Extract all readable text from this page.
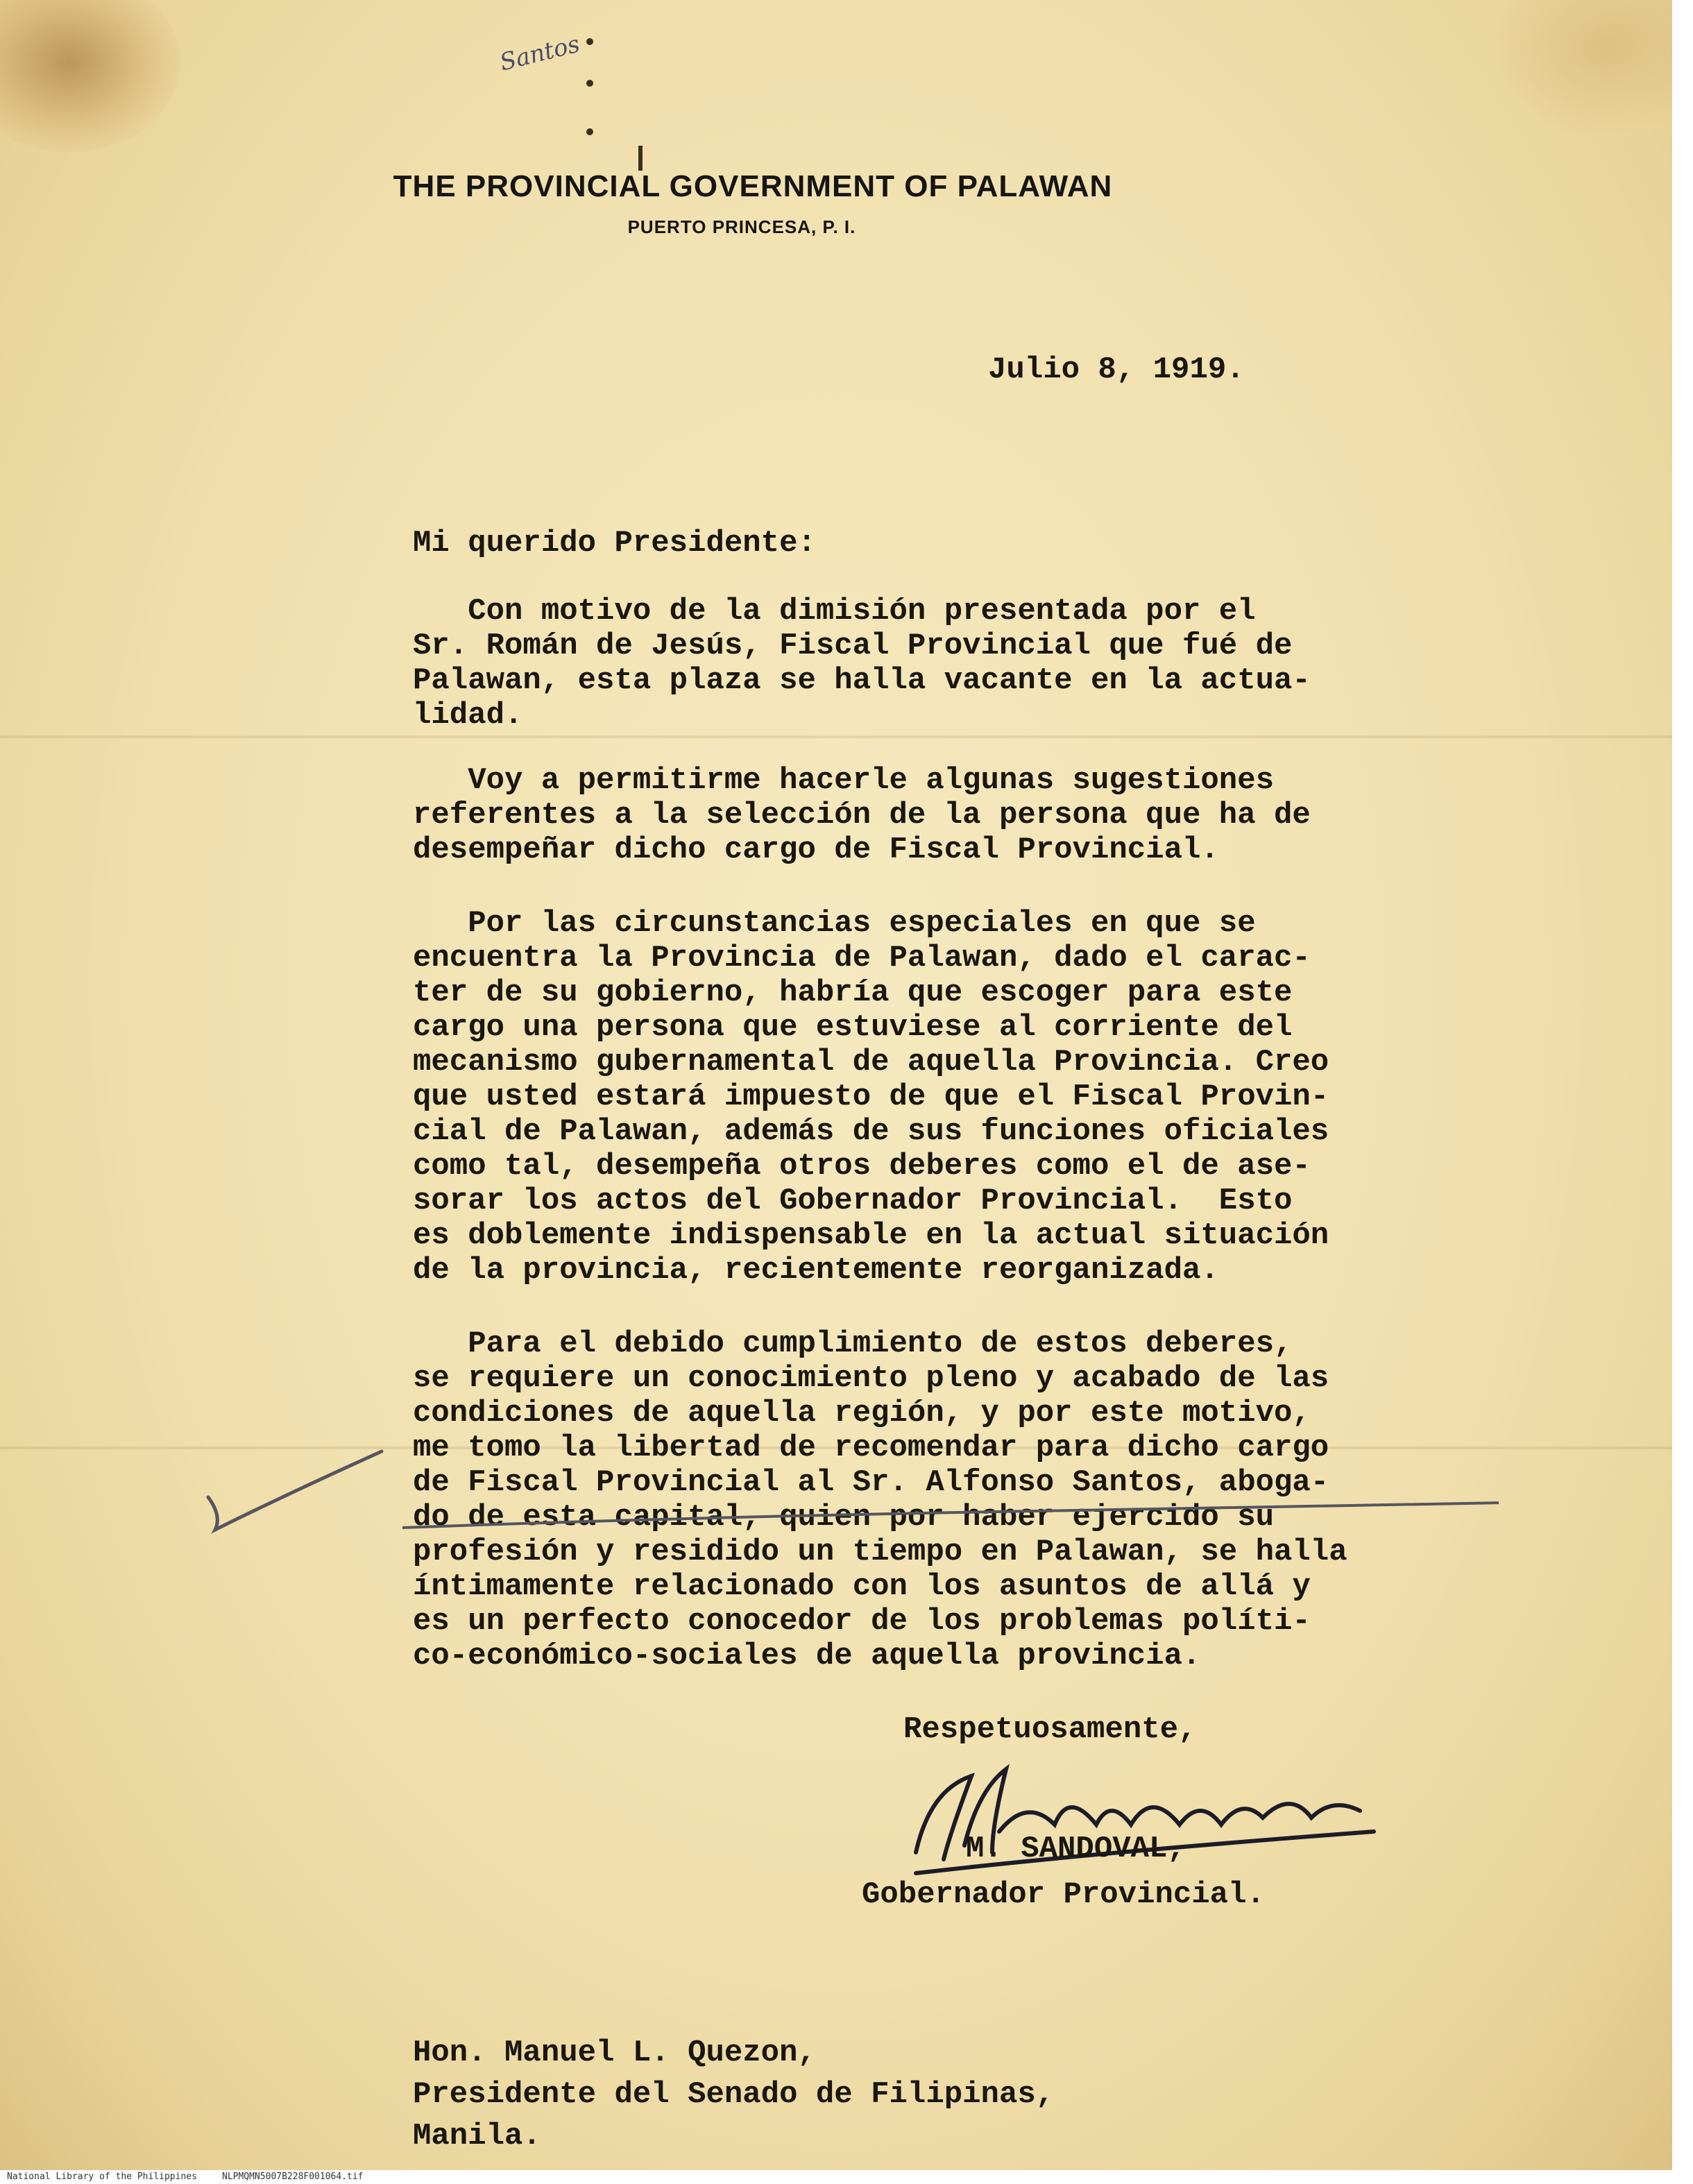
Santos
THE PROVINCIAL GOVERNMENT OF PALAWAN
PUERTO PRINCESA, P. I.
Julio 8, 1919.
Mi querido Presidente:
Con motivo de la dimisión presentada por el
Sr. Román de Jesús, Fiscal Provincial que fué de
Palawan, esta plaza se halla vacante en la actua-
lidad.
Voy a permitirme hacerle algunas sugestiones
referentes a la selección de la persona que ha de
desempeñar dicho cargo de Fiscal Provincial.
Por las circunstancias especiales en que se
encuentra la Provincia de Palawan, dado el carac-
ter de su gobierno, habría que escoger para este
cargo una persona que estuviese al corriente del
mecanismo gubernamental de aquella Provincia. Creo
que usted estará impuesto de que el Fiscal Provin-
cial de Palawan, además de sus funciones oficiales
como tal, desempeña otros deberes como el de ase-
sorar los actos del Gobernador Provincial.  Esto
es doblemente indispensable en la actual situación
de la provincia, recientemente reorganizada.
Para el debido cumplimiento de estos deberes,
se requiere un conocimiento pleno y acabado de las
condiciones de aquella región, y por este motivo,
me tomo la libertad de recomendar para dicho cargo
de Fiscal Provincial al Sr. Alfonso Santos, aboga-
do de esta capital, quien por haber ejercido su
profesión y residido un tiempo en Palawan, se halla
íntimamente relacionado con los asuntos de allá y
es un perfecto conocedor de los problemas políti-
co-económico-sociales de aquella provincia.
Respetuosamente,
M. SANDOVAL,
Gobernador Provincial.
Hon. Manuel L. Quezon,
Presidente del Senado de Filipinas,
Manila.
National Library of the Philippines	NLPMQMN5007B228F001064.tif
